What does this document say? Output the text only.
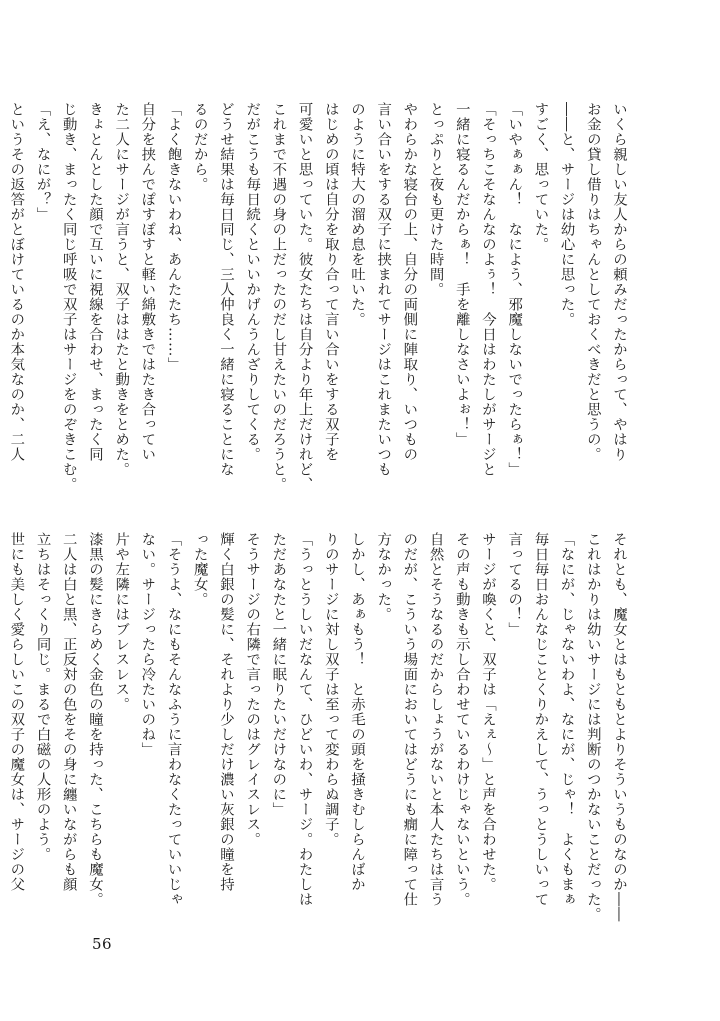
いくら親しい友人からの頼みだったからって、やはり
お金の貸し借りはちゃんとしておくべきだと思うの。
――と、サージは幼心に思った。
すごく、思っていた。
「いやぁぁん！　なによう、邪魔しないでったらぁ！」
「そっちこそなんなのよぅ！　今日はわたしがサージと
一緒に寝るんだからぁ！　手を離しなさいよぉ！」
とっぷりと夜も更けた時間。
やわらかな寝台の上、自分の両側に陣取り、いつもの
言い合いをする双子に挟まれてサージはこれまたいつも
のように特大の溜め息を吐いた。
はじめの頃は自分を取り合って言い合いをする双子を
可愛いと思っていた。彼女たちは自分より年上だけれど、
これまで不遇の身の上だったのだし甘えたいのだろうと。
だがこうも毎日続くといいかげんうんざりしてくる。
どうせ結果は毎日同じ、三人仲良く一緒に寝ることにな
るのだから。
「よく飽きないわね、あんたたち……」
自分を挟んでぽすぽすと軽い綿敷きではたき合ってい
た二人にサージが言うと、双子ははたと動きをとめた。
きょとんとした顔で互いに視線を合わせ、まったく同
じ動き、まったく同じ呼吸で双子はサージをのぞきこむ。
「え、なにが？」
というその返答がとぼけているのか本気なのか、二人
それとも、魔女とはもともとよりそういうものなのか――
これはかりは幼いサージには判断のつかないことだった。
「なにが、じゃないわよ、なにが、じゃ！　よくもまぁ
毎日毎日おんなじことくりかえして、うっとうしいって
言ってるの！」
サージが喚くと、双子は「えぇ〜」と声を合わせた。
その声も動きも示し合わせているわけじゃないという。
自然とそうなるのだからしょうがないと本人たちは言う
のだが、こういう場面においてはどうにも癇に障って仕
方なかった。
しかし、あぁもう！　と赤毛の頭を掻きむしらんばか
りのサージに対し双子は至って変わらぬ調子。
「うっとうしいだなんて、ひどいわ、サージ。わたしは
ただあなたと一緒に眠りたいだけなのに」
そうサージの右隣で言ったのはグレイスレス。
輝く白銀の髪に、それより少しだけ濃い灰銀の瞳を持
った魔女。
「そうよ、なにもそんなふうに言わなくたっていいじゃ
ない。サージったら冷たいのね」
片や左隣にはブレスレス。
漆黒の髪にきらめく金色の瞳を持った、こちらも魔女。
二人は白と黒、正反対の色をその身に纏いながらも顔
立ちはそっくり同じ。まるで白磁の人形のよう。
世にも美しく愛らしいこの双子の魔女は、サージの父
56
